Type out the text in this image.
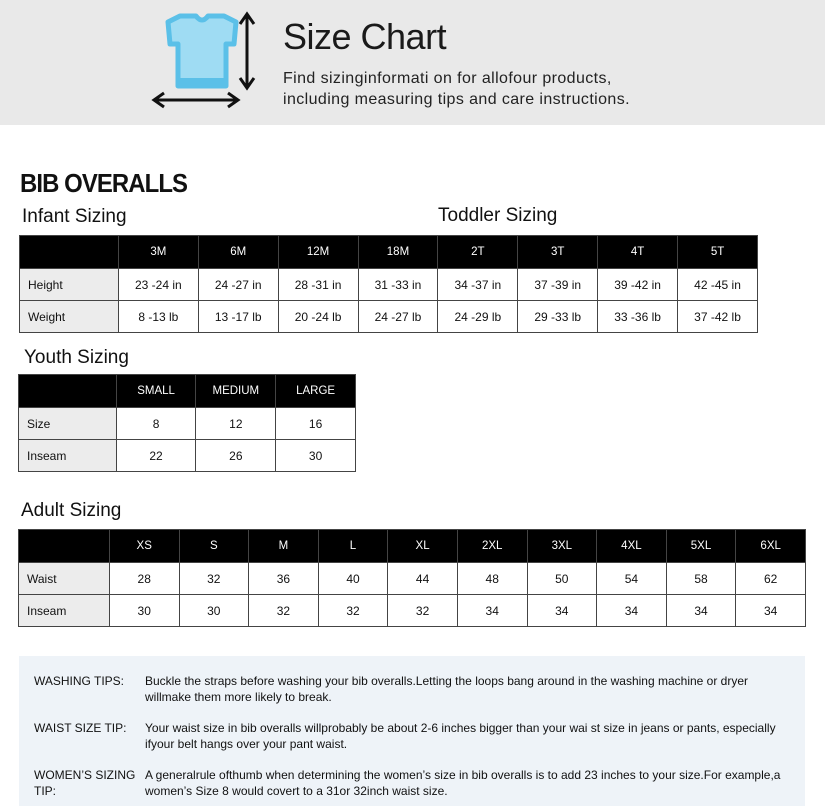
Size Chart
Find sizinginformati on for allofour products,
including measuring tips and care instructions.
BIB OVERALLS
Infant Sizing	Toddler Sizing
	3M	6M	12M	18M	2T	3T	4T	5T
Height	23 -24 in	24 -27 in	28 -31 in	31 -33 in	34 -37 in	37 -39 in	39 -42 in	42 -45 in
Weight	8 -13 lb	13 -17 lb	20 -24 lb	24 -27 lb	24 -29 lb	29 -33 lb	33 -36 lb	37 -42 lb
Youth Sizing
	SMALL	MEDIUM	LARGE
Size	8	12	16
Inseam	22	26	30
Adult Sizing
	XS	S	M	L	XL	2XL	3XL	4XL	5XL	6XL
Waist	28	32	36	40	44	48	50	54	58	62
Inseam	30	30	32	32	32	34	34	34	34	34
WASHING TIPS: Buckle the straps before washing your bib overalls.Letting the loops bang around in the washing machine or dryer willmake them more likely to break.
WAIST SIZE TIP: Your waist size in bib overalls willprobably be about 2-6 inches bigger than your wai st size in jeans or pants, especially ifyour belt hangs over your pant waist.
WOMEN’S SIZING TIP:
A generalrule ofthumb when determining the women’s size in bib overalls is to add 23 inches to your size.For example,a women’s Size 8 would covert to a 31or 32inch waist size.
